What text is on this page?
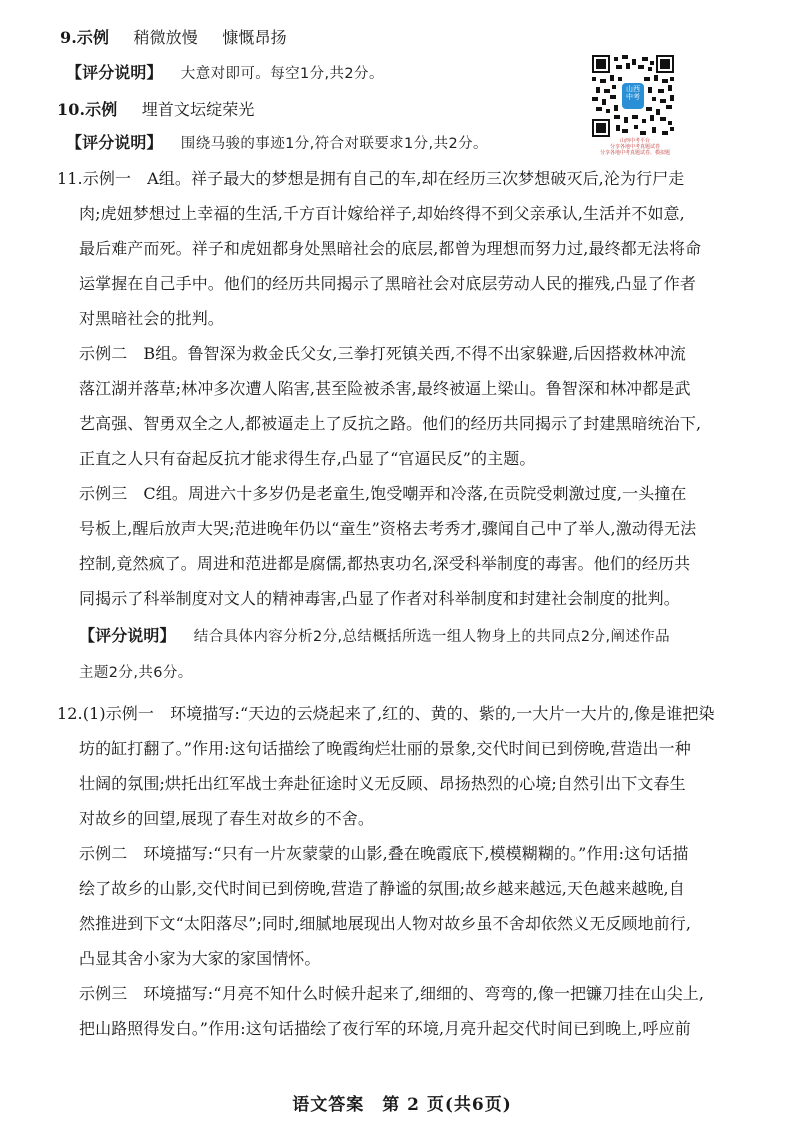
9.示例 稍微放慢 慷慨昂扬
【评分说明】 大意对即可。每空1分,共2分。
10.示例 埋首文坛绽荣光
【评分说明】 围绕马骏的事迹1分,符合对联要求1分,共2分。
山西中考
山西中考平台
分享各地中考真题试卷
分享各地中考真题试卷、模拟题
11.示例一　A组。祥子最大的梦想是拥有自己的车,却在经历三次梦想破灭后,沦为行尸走
肉;虎妞梦想过上幸福的生活,千方百计嫁给祥子,却始终得不到父亲承认,生活并不如意,
最后难产而死。祥子和虎妞都身处黑暗社会的底层,都曾为理想而努力过,最终都无法将命
运掌握在自己手中。他们的经历共同揭示了黑暗社会对底层劳动人民的摧残,凸显了作者
对黑暗社会的批判。
示例二　B组。鲁智深为救金氏父女,三拳打死镇关西,不得不出家躲避,后因搭救林冲流
落江湖并落草;林冲多次遭人陷害,甚至险被杀害,最终被逼上梁山。鲁智深和林冲都是武
艺高强、智勇双全之人,都被逼走上了反抗之路。他们的经历共同揭示了封建黑暗统治下,
正直之人只有奋起反抗才能求得生存,凸显了“官逼民反”的主题。
示例三　C组。周进六十多岁仍是老童生,饱受嘲弄和冷落,在贡院受刺激过度,一头撞在
号板上,醒后放声大哭;范进晚年仍以“童生”资格去考秀才,骤闻自己中了举人,激动得无法
控制,竟然疯了。周进和范进都是腐儒,都热衷功名,深受科举制度的毒害。他们的经历共
同揭示了科举制度对文人的精神毒害,凸显了作者对科举制度和封建社会制度的批判。
【评分说明】 结合具体内容分析2分,总结概括所选一组人物身上的共同点2分,阐述作品
主题2分,共6分。
12.(1)示例一　环境描写:“天边的云烧起来了,红的、黄的、紫的,一大片一大片的,像是谁把染
坊的缸打翻了。”作用:这句话描绘了晚霞绚烂壮丽的景象,交代时间已到傍晚,营造出一种
壮阔的氛围;烘托出红军战士奔赴征途时义无反顾、昂扬热烈的心境;自然引出下文春生
对故乡的回望,展现了春生对故乡的不舍。
示例二　环境描写:“只有一片灰蒙蒙的山影,叠在晚霞底下,模模糊糊的。”作用:这句话描
绘了故乡的山影,交代时间已到傍晚,营造了静谧的氛围;故乡越来越远,天色越来越晚,自
然推进到下文“太阳落尽”;同时,细腻地展现出人物对故乡虽不舍却依然义无反顾地前行,
凸显其舍小家为大家的家国情怀。
示例三　环境描写:“月亮不知什么时候升起来了,细细的、弯弯的,像一把镰刀挂在山尖上,
把山路照得发白。”作用:这句话描绘了夜行军的环境,月亮升起交代时间已到晚上,呼应前
语文答案　第 2 页(共6页)
